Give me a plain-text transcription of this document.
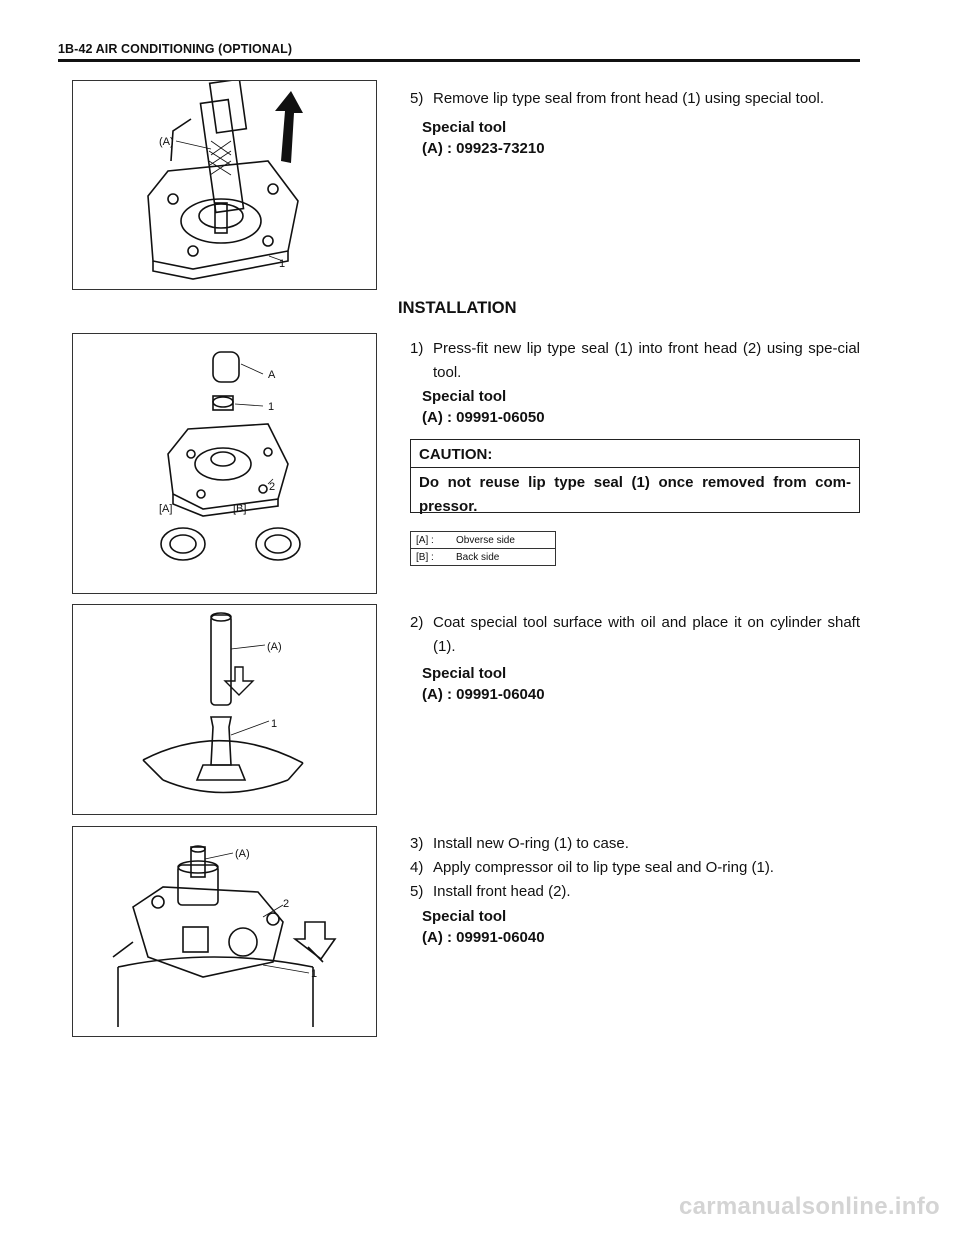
1B-42 AIR CONDITIONING (OPTIONAL)
(A)
1
5) Remove lip type seal from front head (1) using special tool.
Special tool
(A) : 09923-73210
INSTALLATION
A
1
2
[A]	[B]
1) Press-fit new lip type seal (1) into front head (2) using spe-cial tool.
Special tool
(A) : 09991-06050
CAUTION:
Do not reuse lip type seal (1) once removed from com-pressor.
[A] :	Obverse side
[B] :	Back side
(A)
1
2) Coat special tool surface with oil and place it on cylinder shaft (1).
Special tool
(A) : 09991-06040
(A)
2
1
3) Install new O-ring (1) to case.
4) Apply compressor oil to lip type seal and O-ring (1).
5) Install front head (2).
Special tool
(A) : 09991-06040
carmanualsonline.info
